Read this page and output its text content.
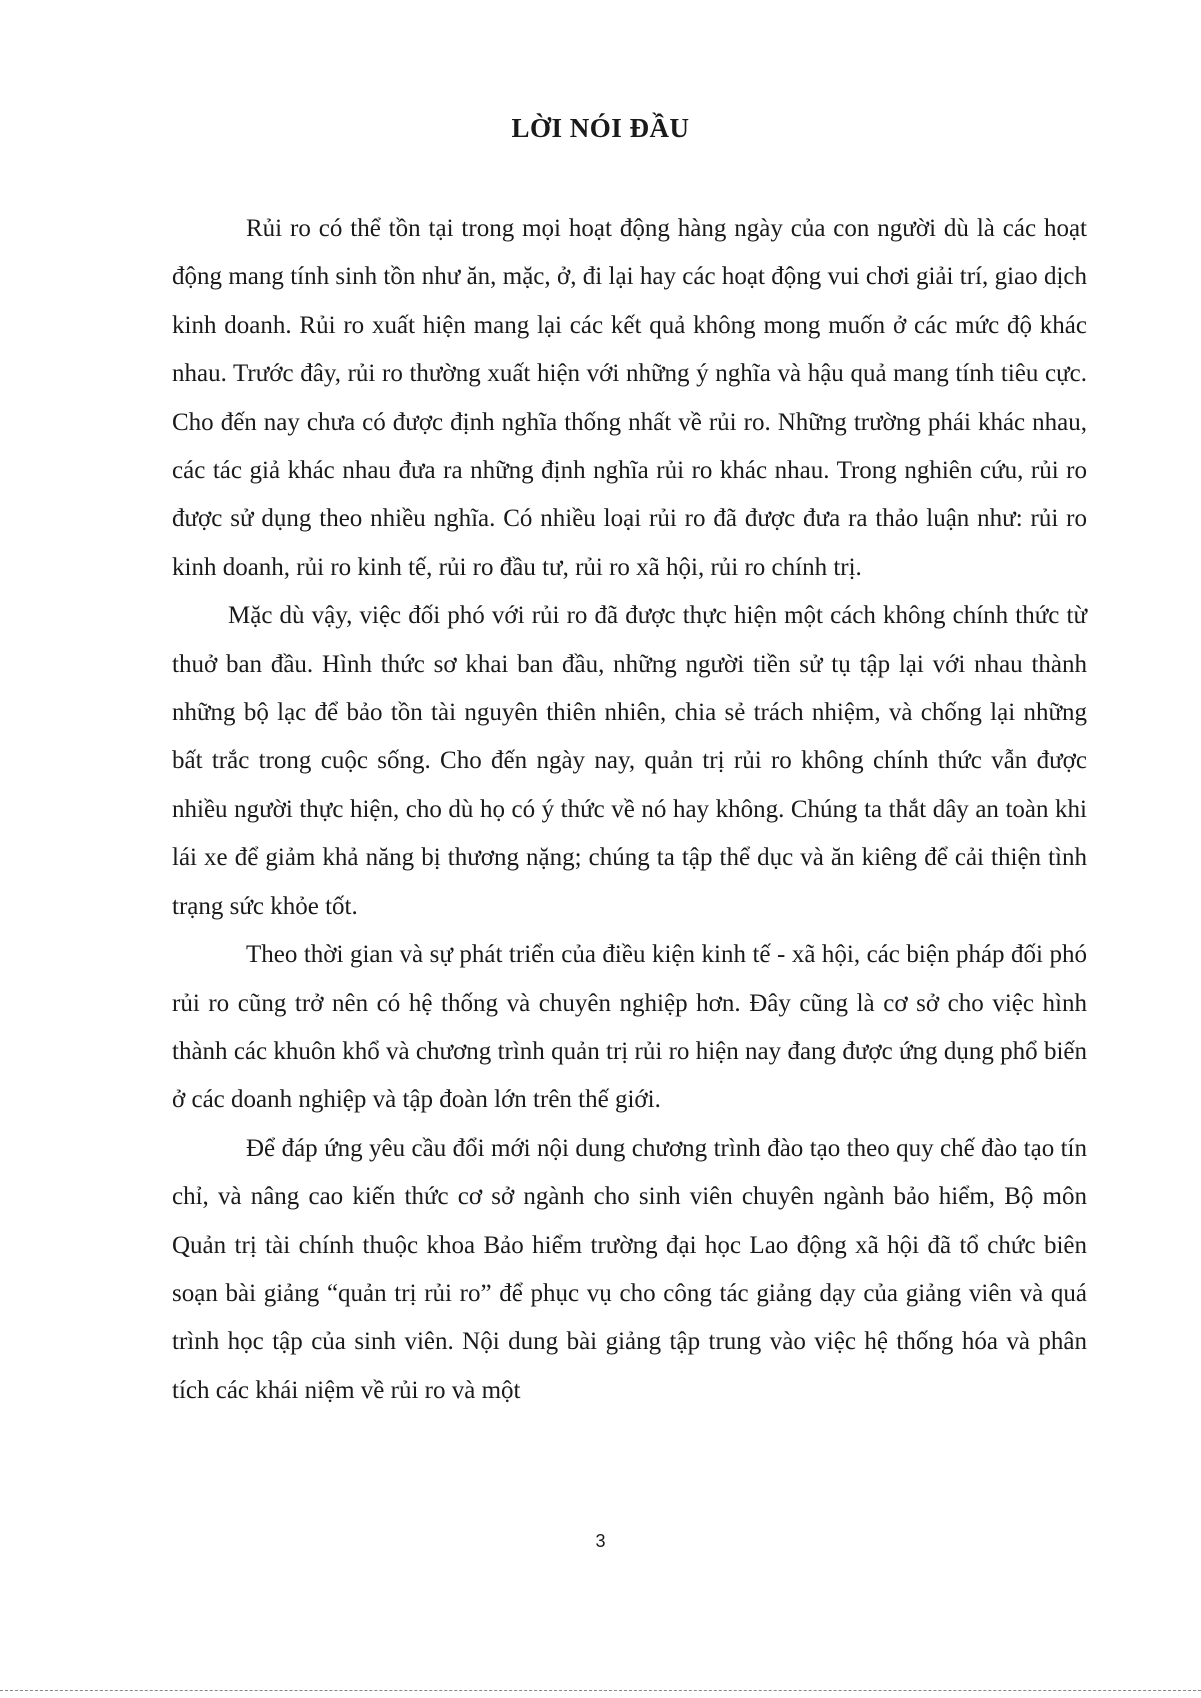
LỜI NÓI ĐẦU

Rủi ro có thể tồn tại trong mọi hoạt động hàng ngày của con người dù là các hoạt động mang tính sinh tồn như ăn, mặc, ở, đi lại hay các hoạt động vui chơi giải trí, giao dịch kinh doanh. Rủi ro xuất hiện mang lại các kết quả không mong muốn ở các mức độ khác nhau. Trước đây, rủi ro thường xuất hiện với những ý nghĩa và hậu quả mang tính tiêu cực. Cho đến nay chưa có được định nghĩa thống nhất về rủi ro. Những trường phái khác nhau, các tác giả khác nhau đưa ra những định nghĩa rủi ro khác nhau. Trong nghiên cứu, rủi ro được sử dụng theo nhiều nghĩa. Có nhiều loại rủi ro đã được đưa ra thảo luận như: rủi ro kinh doanh, rủi ro kinh tế, rủi ro đầu tư, rủi ro xã hội, rủi ro chính trị.

Mặc dù vậy, việc đối phó với rủi ro đã được thực hiện một cách không chính thức từ thuở ban đầu. Hình thức sơ khai ban đầu, những người tiền sử tụ tập lại với nhau thành những bộ lạc để bảo tồn tài nguyên thiên nhiên, chia sẻ trách nhiệm, và chống lại những bất trắc trong cuộc sống. Cho đến ngày nay, quản trị rủi ro không chính thức vẫn được nhiều người thực hiện, cho dù họ có ý thức về nó hay không. Chúng ta thắt dây an toàn khi lái xe để giảm khả năng bị thương nặng; chúng ta tập thể dục và ăn kiêng để cải thiện tình trạng sức khỏe tốt.

Theo thời gian và sự phát triển của điều kiện kinh tế - xã hội, các biện pháp đối phó rủi ro cũng trở nên có hệ thống và chuyên nghiệp hơn. Đây cũng là cơ sở cho việc hình thành các khuôn khổ và chương trình quản trị rủi ro hiện nay đang được ứng dụng phổ biến ở các doanh nghiệp và tập đoàn lớn trên thế giới.

Để đáp ứng yêu cầu đổi mới nội dung chương trình đào tạo theo quy chế đào tạo tín chỉ, và nâng cao kiến thức cơ sở ngành cho sinh viên chuyên ngành bảo hiểm, Bộ môn Quản trị tài chính thuộc khoa Bảo hiểm trường đại học Lao động xã hội đã tổ chức biên soạn bài giảng “quản trị rủi ro” để phục vụ cho công tác giảng dạy của giảng viên và quá trình học tập của sinh viên. Nội dung bài giảng tập trung vào việc hệ thống hóa và phân tích các khái niệm về rủi ro và một

3
